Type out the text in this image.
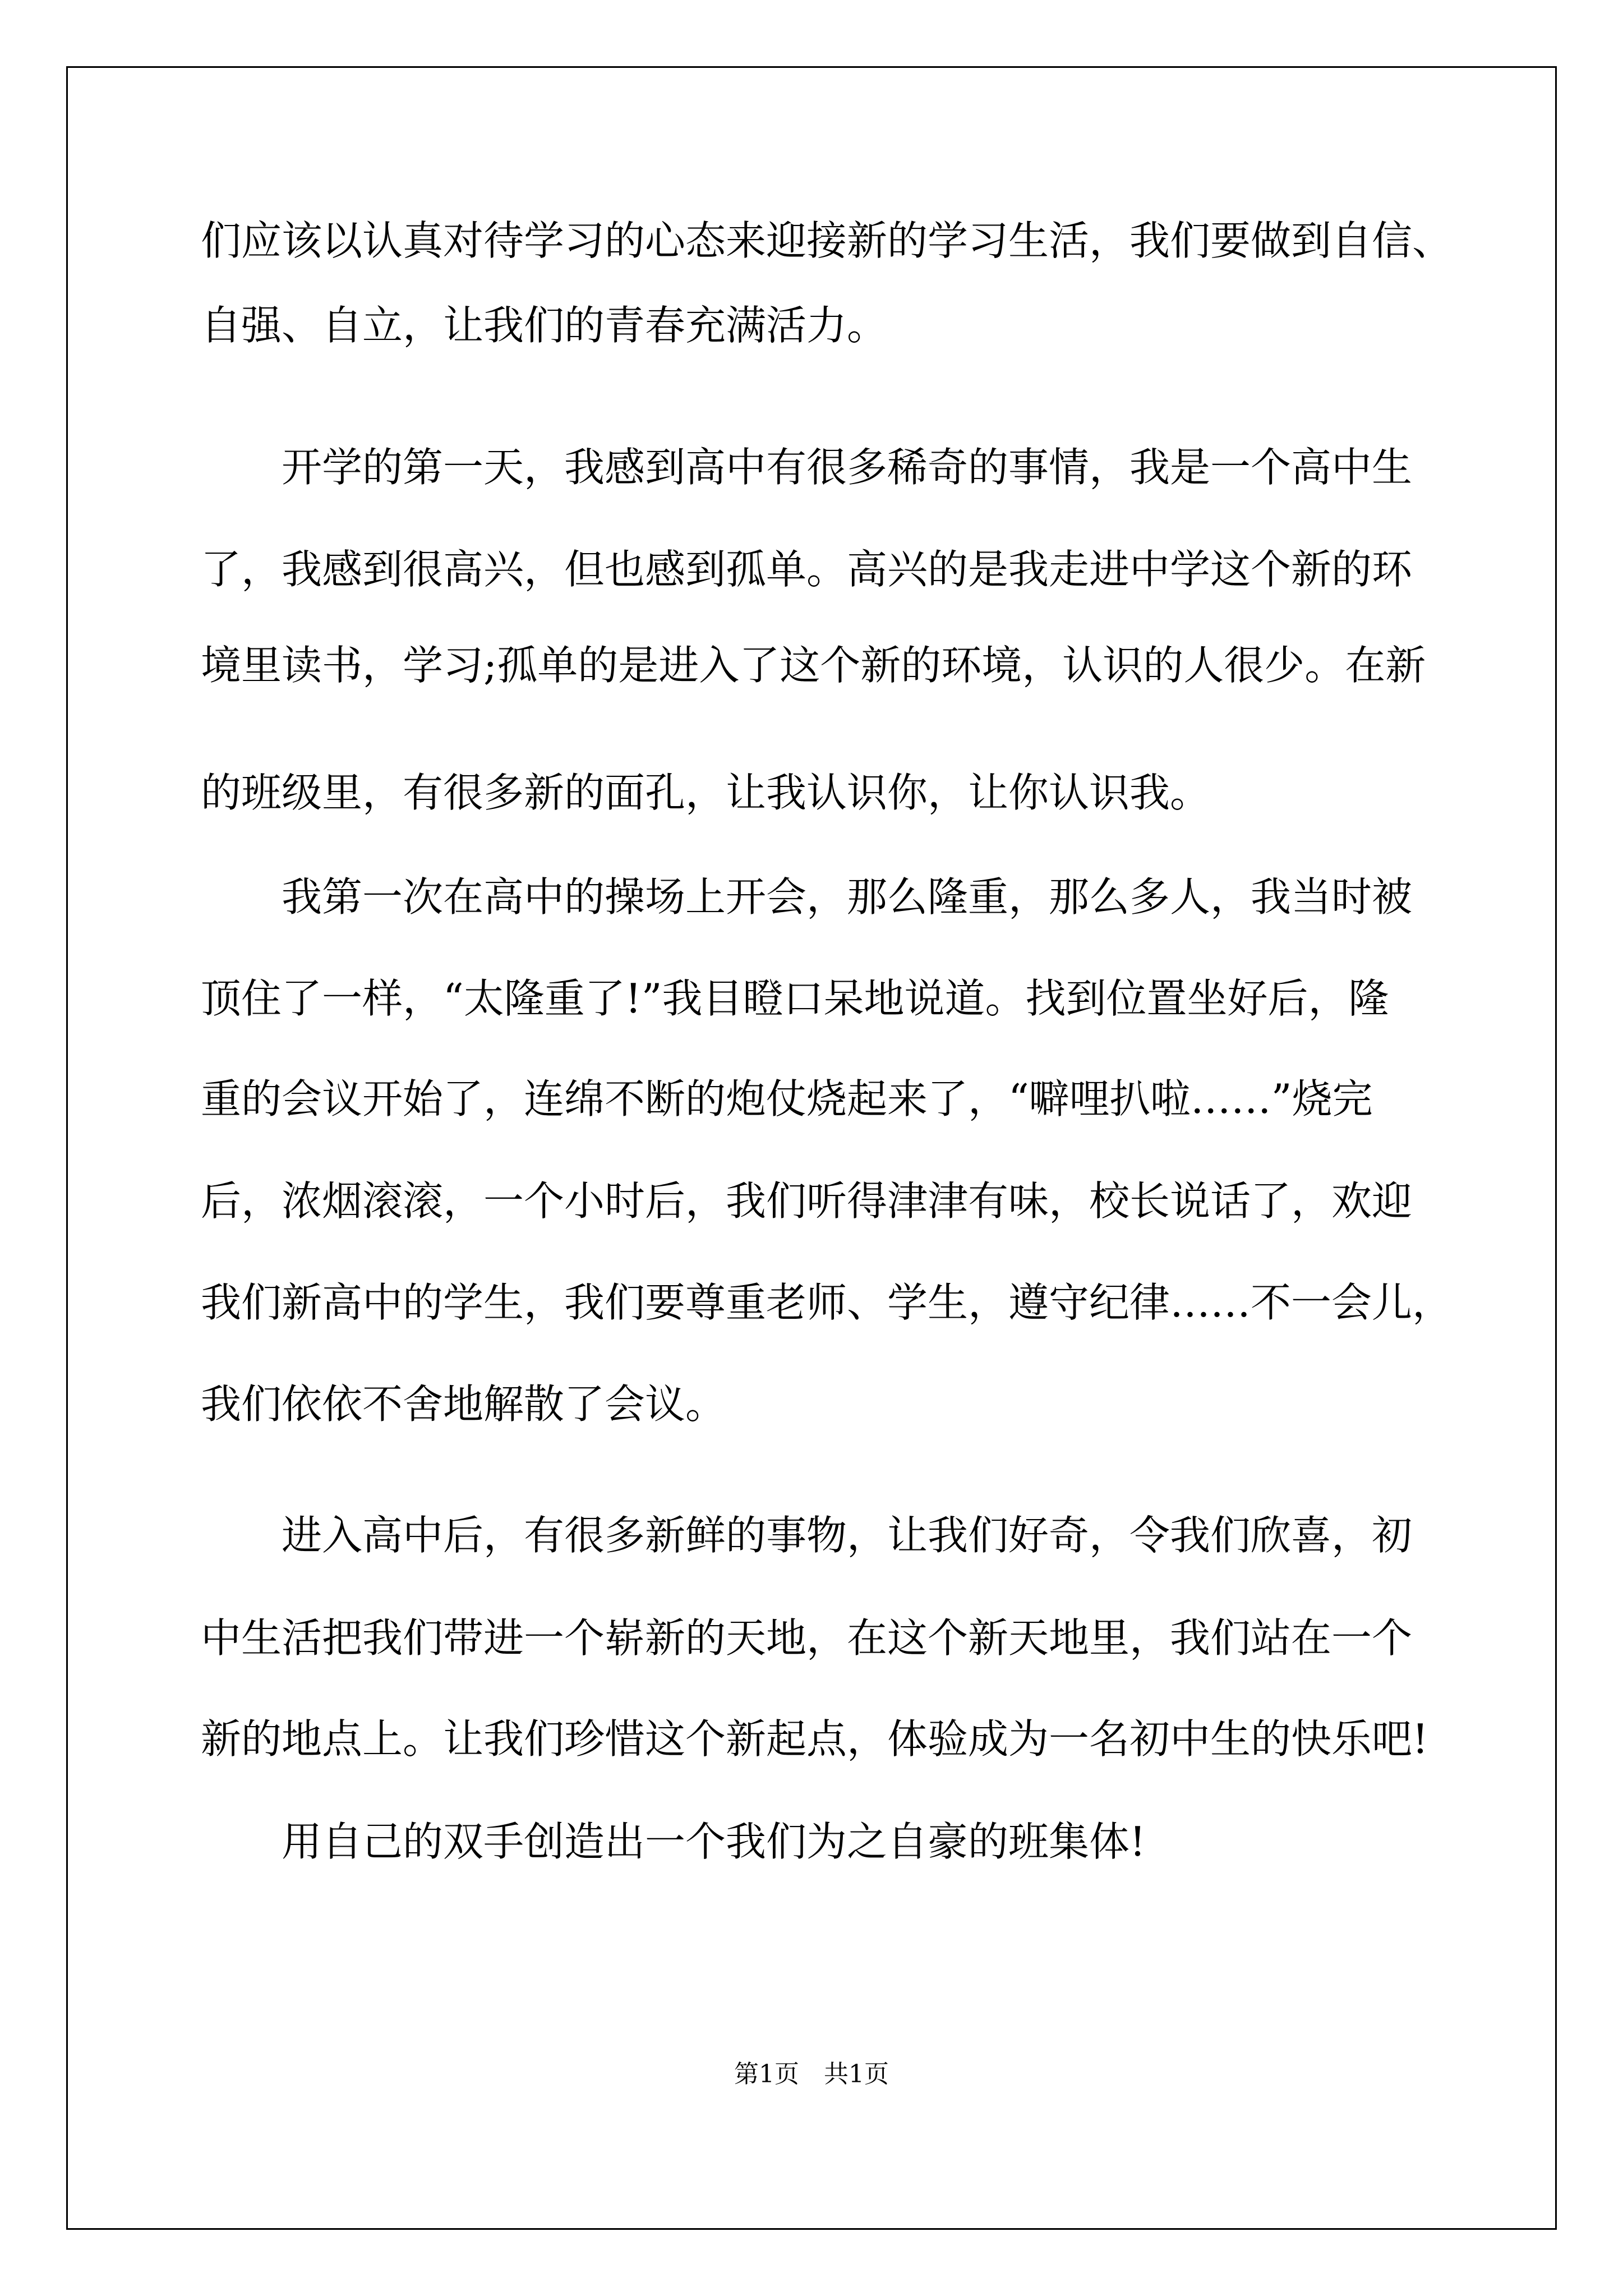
们应该以认真对待学习的心态来迎接新的学习生活，我们要做到自信、
自强、自立，让我们的青春充满活力。
　　开学的第一天，我感到高中有很多稀奇的事情，我是一个高中生
了，我感到很高兴，但也感到孤单。高兴的是我走进中学这个新的环
境里读书，学习;孤单的是进入了这个新的环境，认识的人很少。在新
的班级里，有很多新的面孔，让我认识你，让你认识我。
　　我第一次在高中的操场上开会，那么隆重，那么多人，我当时被
顶住了一样，“太隆重了!”我目瞪口呆地说道。找到位置坐好后，隆
重的会议开始了，连绵不断的炮仗烧起来了，“噼哩扒啦……”烧完
后，浓烟滚滚，一个小时后，我们听得津津有味，校长说话了，欢迎
我们新高中的学生，我们要尊重老师、学生，遵守纪律……不一会儿，
我们依依不舍地解散了会议。
　　进入高中后，有很多新鲜的事物，让我们好奇，令我们欣喜，初
中生活把我们带进一个崭新的天地，在这个新天地里，我们站在一个
新的地点上。让我们珍惜这个新起点，体验成为一名初中生的快乐吧!
　　用自己的双手创造出一个我们为之自豪的班集体!
第1页　共1页
